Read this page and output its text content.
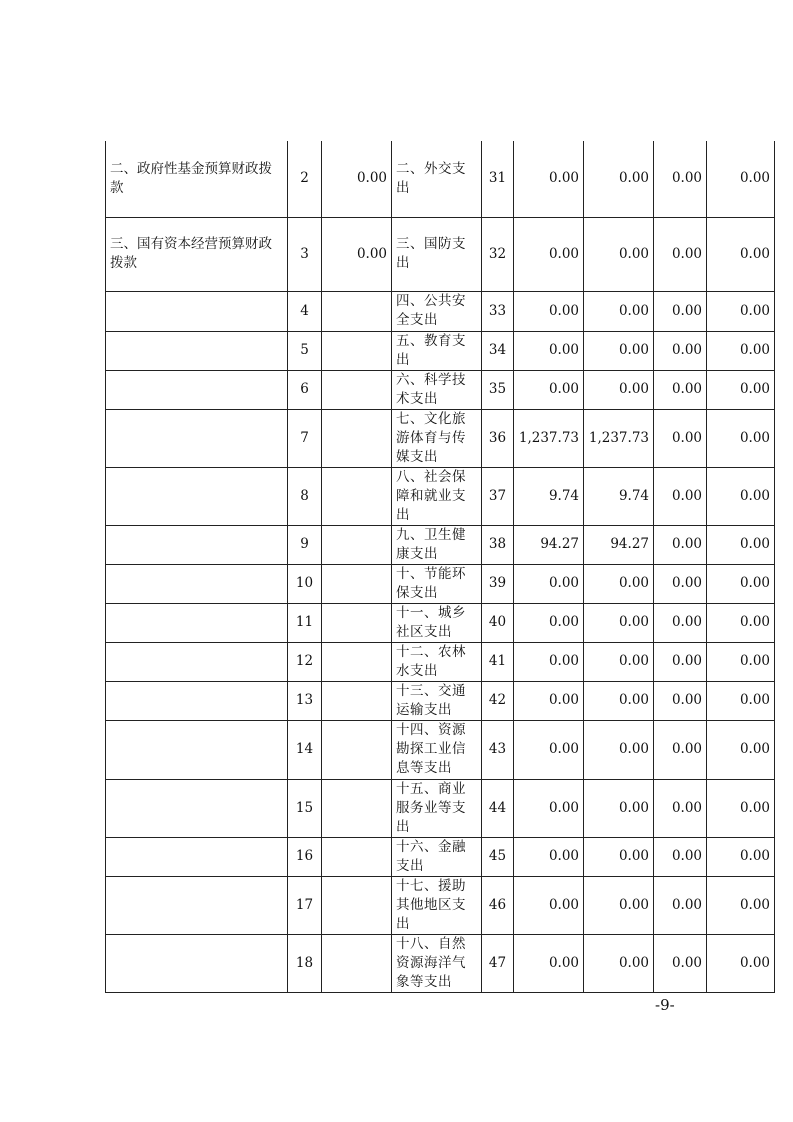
二、政府性基金预算财政拨款	2	0.00	二、外交支出	31	0.00	0.00	0.00	0.00
三、国有资本经营预算财政拨款	3	0.00	三、国防支出	32	0.00	0.00	0.00	0.00
	4		四、公共安全支出	33	0.00	0.00	0.00	0.00
	5		五、教育支出	34	0.00	0.00	0.00	0.00
	6		六、科学技术支出	35	0.00	0.00	0.00	0.00
	7		七、文化旅游体育与传媒支出	36	1,237.73	1,237.73	0.00	0.00
	8		八、社会保障和就业支出	37	9.74	9.74	0.00	0.00
	9		九、卫生健康支出	38	94.27	94.27	0.00	0.00
	10		十、节能环保支出	39	0.00	0.00	0.00	0.00
	11		十一、城乡社区支出	40	0.00	0.00	0.00	0.00
	12		十二、农林水支出	41	0.00	0.00	0.00	0.00
	13		十三、交通运输支出	42	0.00	0.00	0.00	0.00
	14		十四、资源勘探工业信息等支出	43	0.00	0.00	0.00	0.00
	15		十五、商业服务业等支出	44	0.00	0.00	0.00	0.00
	16		十六、金融支出	45	0.00	0.00	0.00	0.00
	17		十七、援助其他地区支出	46	0.00	0.00	0.00	0.00
	18		十八、自然资源海洋气象等支出	47	0.00	0.00	0.00	0.00
-9-
